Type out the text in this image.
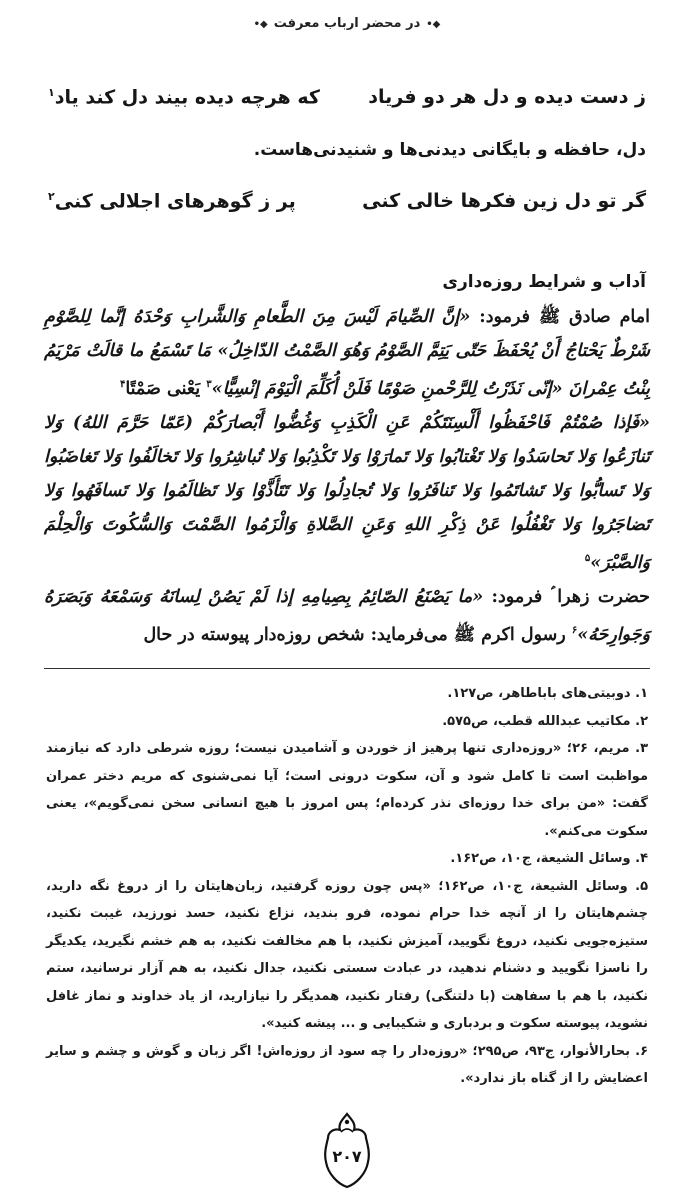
◆•در محضر ارباب معرفت◆•
ز دست دیده و دل هر دو فریاد
که هرچه دیده بیند دل کند یاد$^۱$
دل، حافظه و بایگانی دیدنی‌ها و شنیدنی‌هاست.
گر تو دل زین فکرها خالی کنی
پر ز گوهرهای اجلالی کنی$^۲$
آداب و شرایط روزه‌داری

امام صادق ﷺ فرمود: «إنَّ الصِّیامَ لَیْسَ مِنَ الطَّعامِ وَالشَّرابِ وَحْدَهُ إنَّما لِلصَّوْمِ شَرْطٌ یَحْتاجُ أَنْ یُحْفَظَ حَتّی یَتِمَّ الصَّوْمُ وَهُوَ الصَّمْتُ الدّاخِلُ» مَا تَسْمَعُ ما قالَتْ مَرْیَمُ بِنْتُ عِمْرانَ «إنّی نَذَرْتُ لِلرَّحْمنِ صَوْمًا فَلَنْ أُکَلِّمَ الْیَوْمَ إنْسِیًّا»$^۳$ یَعْنی صَمْتًا$^۴$

«فَإذا صُمْتُمْ فَاحْفَظُوا أَلْسِنَتَکُمْ عَنِ الْکَذِبِ وَغُضُّوا أَبْصارَکُمْ (عَمّا حَرَّمَ اللهُ) وَلا تَنازَعُوا وَلا تَحاسَدُوا وَلا تَغْتابُوا وَلا تَمارَوْا وَلا تَکْذِبُوا وَلا تُباشِرُوا وَلا تَخالَفُوا وَلا تَغاضَبُوا وَلا تَسابُّوا وَلا تَشاتَمُوا وَلا تَنافَرُوا وَلا تُجادِلُوا وَلا تَتَأَذَّوْا وَلا تَظالَمُوا وَلا تَسافَهُوا وَلا تَضاجَرُوا وَلا تَغْفُلُوا عَنْ ذِکْرِ اللهِ وَعَنِ الصَّلاةِ وَالْزَمُوا الصَّمْتَ وَالسُّکُوتَ وَالْحِلْمَ وَالصَّبْرَ»$^۵$

حضرت زهرا ؑ فرمود: «ما یَصْنَعُ الصّائِمُ بِصِیامِهِ إذا لَمْ یَصُنْ لِسانَهُ وَسَمْعَهُ وَبَصَرَهُ وَجَوارِحَهُ»$^۶$ رسول اکرم ﷺ می‌فرماید: شخص روزه‌دار پیوسته در حال

۱. دوبیتی‌های باباطاهر، ص۱۲۷.

۲. مکاتیب عبدالله قطب، ص۵۷۵.

۳. مریم، ۲۶؛ «روزه‌داری تنها پرهیز از خوردن و آشامیدن نیست؛ روزه شرطی دارد که نیازمند مواظبت است تا کامل شود و آن، سکوت درونی است؛ آیا نمی‌شنوی که مریم دختر عمران گفت: «من برای خدا روزه‌ای نذر کرده‌ام؛ پس امروز با هیچ انسانی سخن نمی‌گویم»، یعنی سکوت می‌کنم».

۴. وسائل الشیعة، ج۱۰، ص۱۶۲.

۵. وسائل الشیعة، ج۱۰، ص۱۶۲؛ «پس چون روزه گرفتید، زبان‌هایتان را از دروغ نگه دارید، چشم‌هایتان را از آنچه خدا حرام نموده، فرو بندید، نزاع نکنید، حسد نورزید، غیبت نکنید، ستیزه‌جویی نکنید، دروغ نگویید، آمیزش نکنید، با هم مخالفت نکنید، به هم خشم نگیرید، یکدیگر را ناسزا نگویید و دشنام ندهید، در عبادت سستی نکنید، جدال نکنید، به هم آزار نرسانید، ستم نکنید، با هم با سفاهت (با دلتنگی) رفتار نکنید، همدیگر را نیازارید، از یاد خداوند و نماز غافل نشوید، پیوسته سکوت و بردباری و شکیبایی و ... پیشه کنید».

۶. بحارالأنوار، ج۹۳، ص۲۹۵؛ «روزه‌دار را چه سود از روزه‌اش! اگر زبان و گوش و چشم و سایر اعضایش را از گناه باز ندارد».

۲۰۷
